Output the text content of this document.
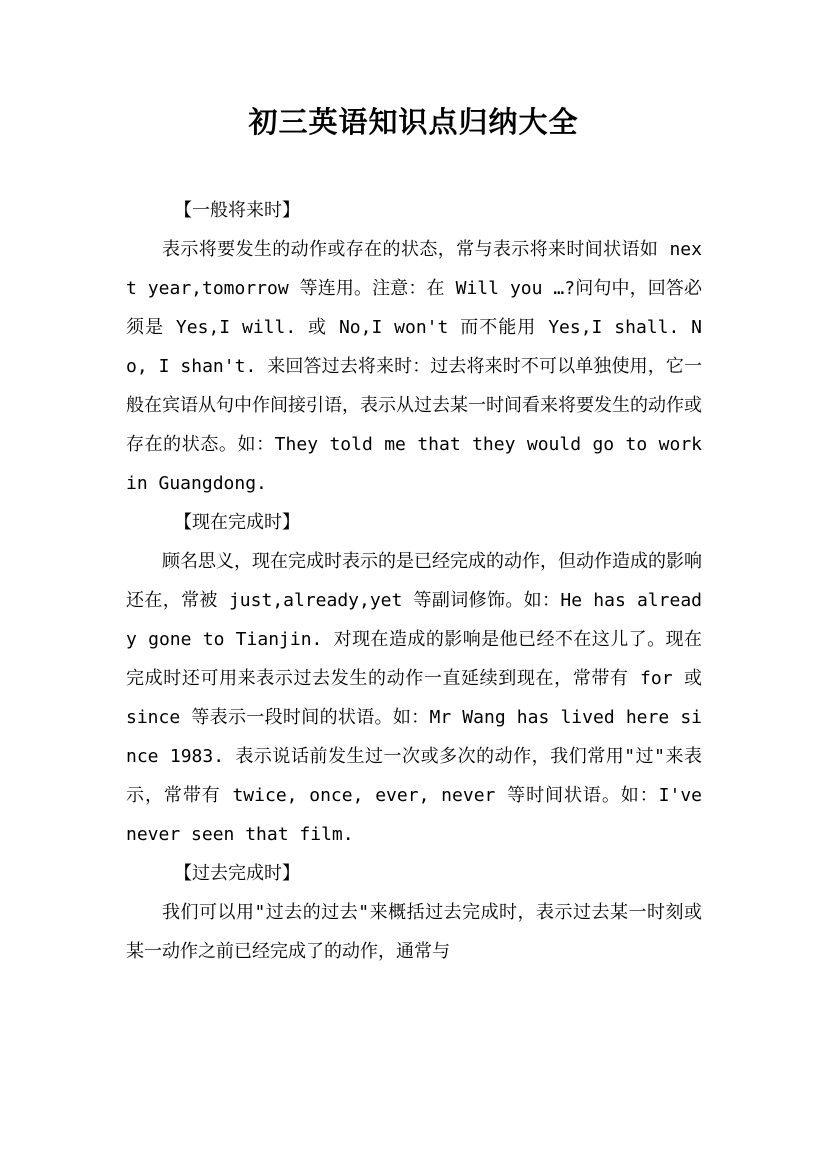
初三英语知识点归纳大全

【一般将来时】

表示将要发生的动作或存在的状态，常与表示将来时间状语如 next year,tomorrow 等连用。注意：在 Will you …?问句中，回答必须是 Yes,I will. 或 No,I won't 而不能用 Yes,I shall. No, I shan't. 来回答过去将来时：过去将来时不可以单独使用，它一般在宾语从句中作间接引语，表示从过去某一时间看来将要发生的动作或存在的状态。如：They told me that they would go to work in Guangdong.

【现在完成时】

顾名思义，现在完成时表示的是已经完成的动作，但动作造成的影响还在，常被 just,already,yet 等副词修饰。如：He has already gone to Tianjin. 对现在造成的影响是他已经不在这儿了。现在完成时还可用来表示过去发生的动作一直延续到现在，常带有 for 或 since 等表示一段时间的状语。如：Mr Wang has lived here since 1983. 表示说话前发生过一次或多次的动作，我们常用"过"来表示，常带有 twice, once, ever, never 等时间状语。如：I've never seen that film.

【过去完成时】

我们可以用"过去的过去"来概括过去完成时，表示过去某一时刻或某一动作之前已经完成了的动作，通常与
